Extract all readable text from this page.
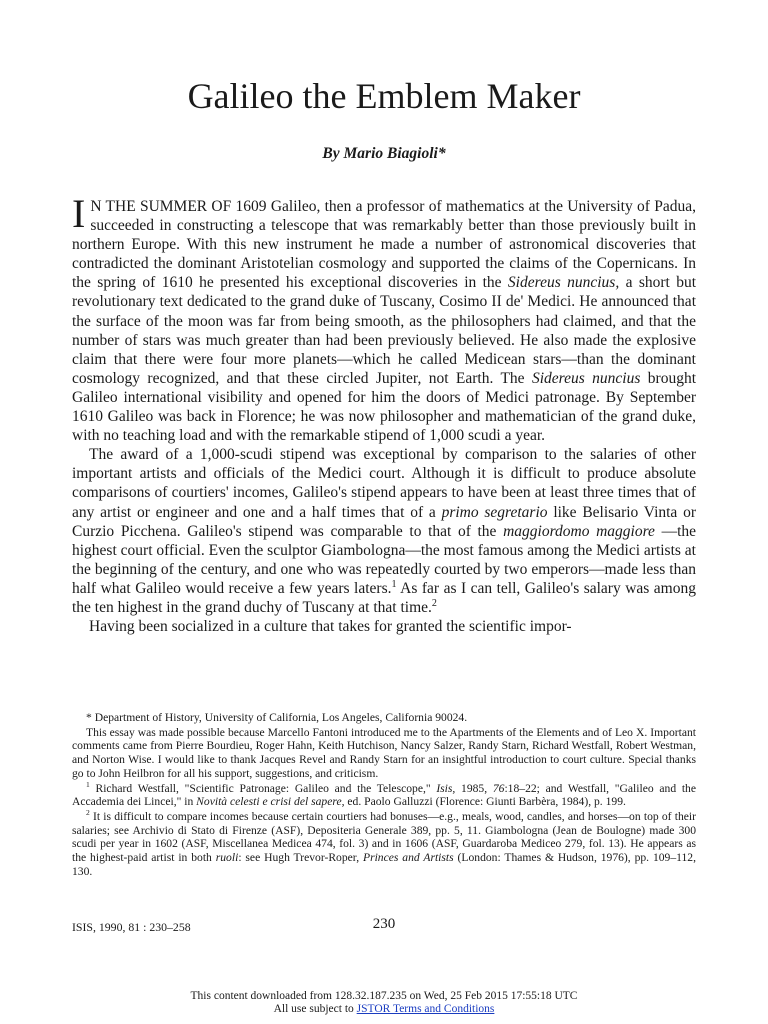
Galileo the Emblem Maker

By Mario Biagioli*

I N THE SUMMER OF 1609 Galileo, then a professor of mathematics at the University of Padua, succeeded in constructing a telescope that was remarkably better than those previously built in northern Europe. With this new instrument he made a number of astronomical discoveries that contradicted the dominant Aristotelian cosmology and supported the claims of the Copernicans. In the spring of 1610 he presented his exceptional discoveries in the Sidereus nuncius, a short but revolutionary text dedicated to the grand duke of Tuscany, Cosimo II de' Medici. He announced that the surface of the moon was far from being smooth, as the philosophers had claimed, and that the number of stars was much greater than had been previously believed. He also made the explosive claim that there were four more planets—which he called Medicean stars—than the dominant cosmology recognized, and that these circled Jupiter, not Earth. The Sidereus nuncius brought Galileo international visibility and opened for him the doors of Medici patronage. By September 1610 Galileo was back in Florence; he was now philosopher and mathematician of the grand duke, with no teaching load and with the remarkable stipend of 1,000 scudi a year.

The award of a 1,000-scudi stipend was exceptional by comparison to the salaries of other important artists and officials of the Medici court. Although it is difficult to produce absolute comparisons of courtiers' incomes, Galileo's stipend appears to have been at least three times that of any artist or engineer and one and a half times that of a primo segretario like Belisario Vinta or Curzio Picchena. Galileo's stipend was comparable to that of the maggiordomo maggiore —the highest court official. Even the sculptor Giambologna—the most famous among the Medici artists at the beginning of the century, and one who was repeatedly courted by two emperors—made less than half what Galileo would receive a few years laters.$^1$ As far as I can tell, Galileo's salary was among the ten highest in the grand duchy of Tuscany at that time.$^2$

Having been socialized in a culture that takes for granted the scientific impor-

* Department of History, University of California, Los Angeles, California 90024.

This essay was made possible because Marcello Fantoni introduced me to the Apartments of the Elements and of Leo X. Important comments came from Pierre Bourdieu, Roger Hahn, Keith Hutchison, Nancy Salzer, Randy Starn, Richard Westfall, Robert Westman, and Norton Wise. I would like to thank Jacques Revel and Randy Starn for an insightful introduction to court culture. Special thanks go to John Heilbron for all his support, suggestions, and criticism.

$^1$ Richard Westfall, "Scientific Patronage: Galileo and the Telescope," Isis, 1985, 76:18–22; and Westfall, "Galileo and the Accademia dei Lincei," in Novità celesti e crisi del sapere, ed. Paolo Galluzzi (Florence: Giunti Barbèra, 1984), p. 199.

$^2$ It is difficult to compare incomes because certain courtiers had bonuses—e.g., meals, wood, candles, and horses—on top of their salaries; see Archivio di Stato di Firenze (ASF), Depositeria Generale 389, pp. 5, 11. Giambologna (Jean de Boulogne) made 300 scudi per year in 1602 (ASF, Miscellanea Medicea 474, fol. 3) and in 1606 (ASF, Guardaroba Mediceo 279, fol. 13). He appears as the highest-paid artist in both ruoli: see Hugh Trevor-Roper, Princes and Artists (London: Thames & Hudson, 1976), pp. 109–112, 130.

ISIS, 1990, 81 : 230–258	230
This content downloaded from 128.32.187.235 on Wed, 25 Feb 2015 17:55:18 UTC
All use subject to JSTOR Terms and Conditions
